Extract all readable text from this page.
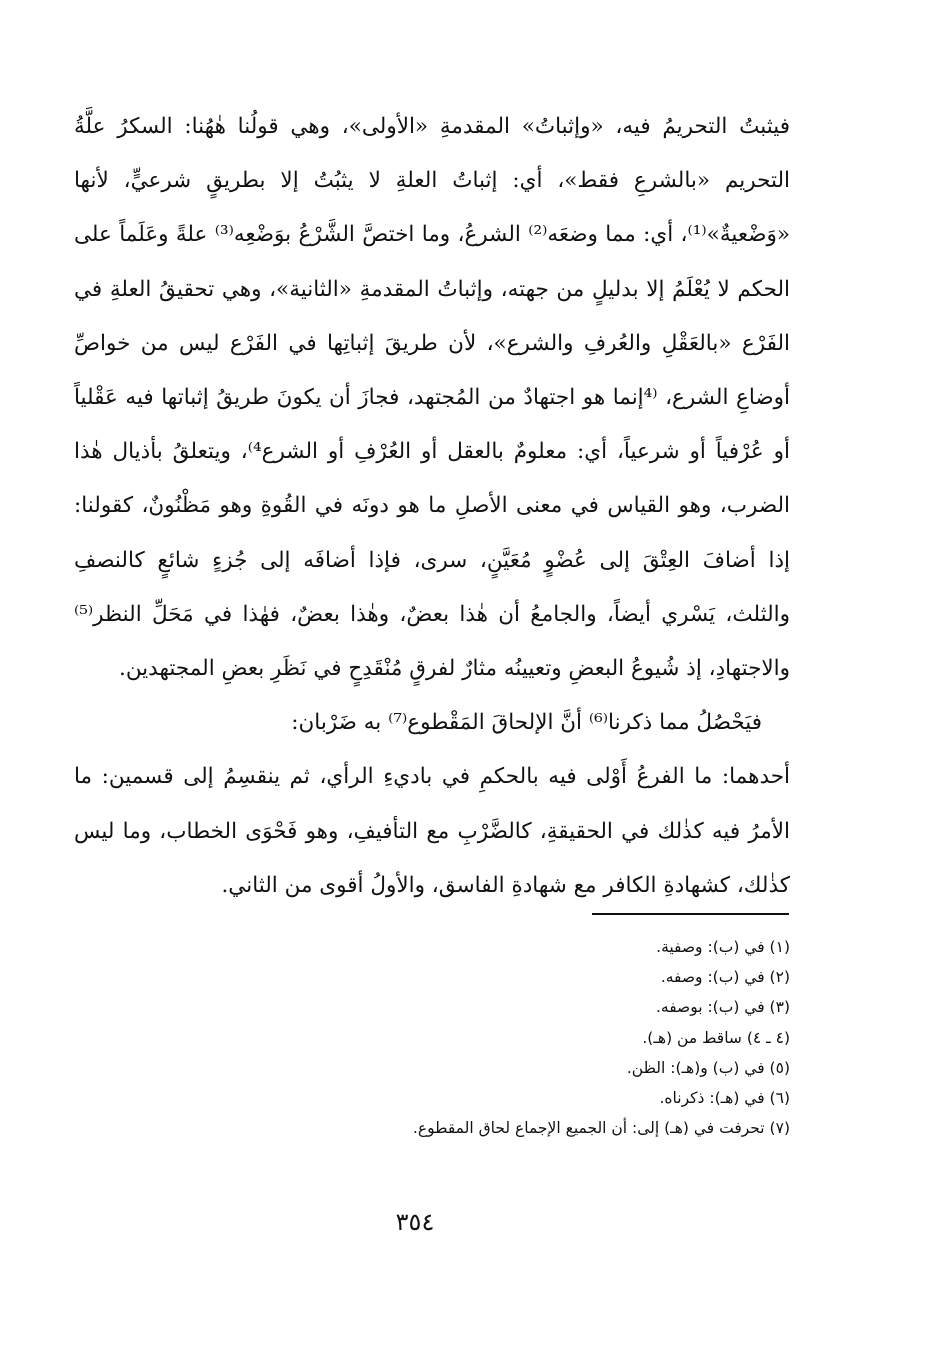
فيثبتُ التحريمُ فيه، «وإثباتُ» المقدمةِ «الأولى»، وهي قولُنا هٰهُنا: السكرُ علَّةُ التحريم «بالشرعِ فقط»، أي: إثباتُ العلةِ لا يثبُتُ إلا بطريقٍ شرعيٍّ، لأنها «وَضْعيةٌ»⁽¹⁾، أي: مما وضعَه⁽²⁾ الشرعُ، وما اختصَّ الشَّرْعُ بوَضْعِه⁽³⁾ علةً وعَلَماً على الحكم لا يُعْلَمُ إلا بدليلٍ من جهته، وإثباتُ المقدمةِ «الثانية»، وهي تحقيقُ العلةِ في الفَرْع «بالعَقْلِ والعُرفِ والشرع»، لأن طريقَ إثباتِها في الفَرْع ليس من خواصِّ أوضاعِ الشرع، ⁽⁴إنما هو اجتهادٌ من المُجتهد، فجازَ أن يكونَ طريقُ إثباتها فيه عَقْلياً أو عُرْفياً أو شرعياً، أي: معلومٌ بالعقل أو العُرْفِ أو الشرع⁴⁾، ويتعلقُ بأذيال هٰذا الضرب، وهو القياس في معنى الأصلِ ما هو دونَه في القُوةِ وهو مَظْنُونٌ، كقولنا: إذا أضافَ العِتْقَ إلى عُضْوٍ مُعَيَّنٍ، سرى، فإذا أضافَه إلى جُزءٍ شائعٍ كالنصفِ والثلث، يَسْري أيضاً، والجامعُ أن هٰذا بعضٌ، وهٰذا بعضٌ، فهٰذا في مَحَلِّ النظر⁽⁵⁾ والاجتهادِ، إذ شُيوعُ البعضِ وتعيينُه مثارٌ لفرقٍ مُنْقَدِحٍ في نَظَرِ بعضِ المجتهدين.

فيَحْصُلُ مما ذكرنا⁽⁶⁾ أنَّ الإلحاقَ المَقْطوع⁽⁷⁾ به ضَرْبان:

أحدهما: ما الفرعُ أَوْلى فيه بالحكمِ في باديءِ الرأي، ثم ينقسِمُ إلى قسمين: ما الأمرُ فيه كذٰلك في الحقيقةِ، كالضَّرْبِ مع التأفيفِ، وهو فَحْوَى الخطاب، وما ليس كذٰلك، كشهادةِ الكافر مع شهادةِ الفاسق، والأولُ أقوى من الثاني.

(١) في (ب): وصفية.
(٢) في (ب): وصفه.
(٣) في (ب): بوصفه.
(٤ ـ ٤) ساقط من (هـ).
(٥) في (ب) و(هـ): الظن.
(٦) في (هـ): ذكرناه.
(٧) تحرفت في (هـ) إلى: أن الجميع الإجماع لحاق المقطوع.
٣٥٤
